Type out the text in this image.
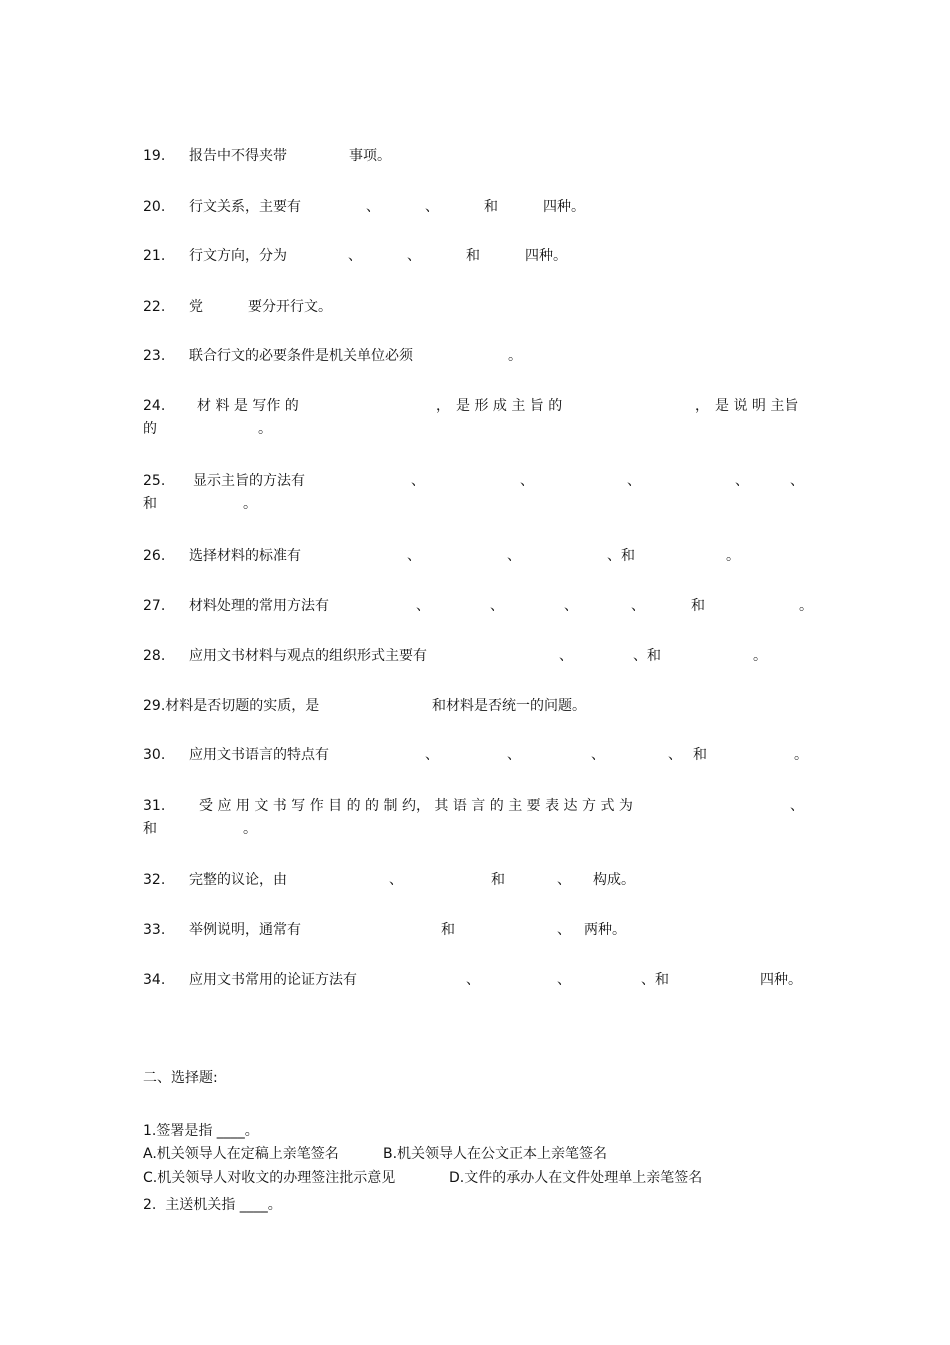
19. 报告中不得夹带	事项。
20. 行文关系，主要有	、	、	和	四种。
21. 行文方向，分为	、	、	和	四种。
22. 党	要分开行文。
23. 联合行文的必要条件是机关单位必须	。
24. 材 料 是 写作 的	， 是 形 成 主 旨 的	， 是 说 明 主旨
的	。
25. 显示主旨的方法有	、	、	、	、	、
和	。
26. 选择材料的标准有	、	、	、和	。
27. 材料处理的常用方法有	、	、	、	、	和	。
28. 应用文书材料与观点的组织形式主要有	、	、和	。
29.材料是否切题的实质，是	和材料是否统一的问题。
30. 应用文书语言的特点有	、	、	、	、 和	。
31. 受 应 用 文 书 写 作 目 的 的 制 约， 其 语 言 的 主 要 表 达 方 式 为	、
和	。
32. 完整的议论，由	、	和	、 构成。
33. 举例说明，通常有	和	、 两种。
34. 应用文书常用的论证方法有	、	、	、和	四种。
二、选择题:
1.签署是指 ____。
A.机关领导人在定稿上亲笔签名	B.机关领导人在公文正本上亲笔签名
C.机关领导人对收文的办理签注批示意见	D.文件的承办人在文件处理单上亲笔签名
2.  主送机关指 ____。
